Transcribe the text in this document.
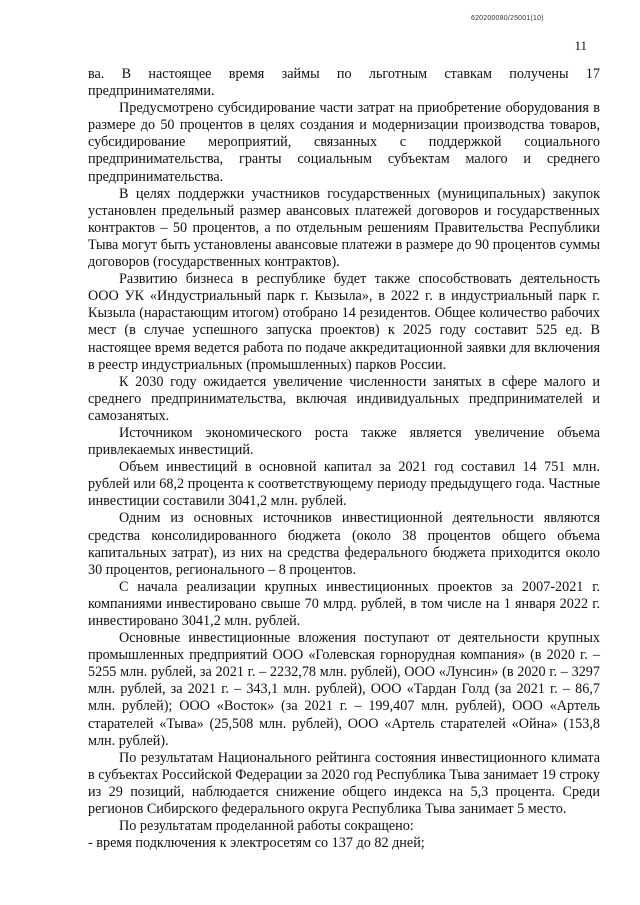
620200080/25001(10)
11

ва. В настоящее время займы по льготным ставкам получены 17 предпринимателями.

Предусмотрено субсидирование части затрат на приобретение оборудования в размере до 50 процентов в целях создания и модернизации производства товаров, субсидирование мероприятий, связанных с поддержкой социального предпринимательства, гранты социальным субъектам малого и среднего предпринимательства.

В целях поддержки участников государственных (муниципальных) закупок установлен предельный размер авансовых платежей договоров и государственных контрактов – 50 процентов, а по отдельным решениям Правительства Республики Тыва могут быть установлены авансовые платежи в размере до 90 процентов суммы договоров (государственных контрактов).

Развитию бизнеса в республике будет также способствовать деятельность ООО УК «Индустриальный парк г. Кызыла», в 2022 г. в индустриальный парк г. Кызыла (нарастающим итогом) отобрано 14 резидентов. Общее количество рабочих мест (в случае успешного запуска проектов) к 2025 году составит 525 ед. В настоящее время ведется работа по подаче аккредитационной заявки для включения в реестр индустриальных (промышленных) парков России.

К 2030 году ожидается увеличение численности занятых в сфере малого и среднего предпринимательства, включая индивидуальных предпринимателей и самозанятых.

Источником экономического роста также является увеличение объема привлекаемых инвестиций.

Объем инвестиций в основной капитал за 2021 год составил 14 751 млн. рублей или 68,2 процента к соответствующему периоду предыдущего года. Частные инвестиции составили 3041,2 млн. рублей.

Одним из основных источников инвестиционной деятельности являются средства консолидированного бюджета (около 38 процентов общего объема капитальных затрат), из них на средства федерального бюджета приходится около 30 процентов, регионального – 8 процентов.

С начала реализации крупных инвестиционных проектов за 2007-2021 г. компаниями инвестировано свыше 70 млрд. рублей, в том числе на 1 января 2022 г. инвестировано 3041,2 млн. рублей.

Основные инвестиционные вложения поступают от деятельности крупных промышленных предприятий ООО «Голевская горнорудная компания» (в 2020 г. – 5255 млн. рублей, за 2021 г. – 2232,78 млн. рублей), ООО «Лунсин» (в 2020 г. – 3297 млн. рублей, за 2021 г. – 343,1 млн. рублей), ООО «Тардан Голд (за 2021 г. – 86,7 млн. рублей); ООО «Восток» (за 2021 г. – 199,407 млн. рублей), ООО «Артель старателей «Тыва» (25,508 млн. рублей), ООО «Артель старателей «Ойна» (153,8 млн. рублей).

По результатам Национального рейтинга состояния инвестиционного климата в субъектах Российской Федерации за 2020 год Республика Тыва занимает 19 строку из 29 позиций, наблюдается снижение общего индекса на 5,3 процента. Среди регионов Сибирского федерального округа Республика Тыва занимает 5 место.

По результатам проделанной работы сокращено:

- время подключения к электросетям со 137 до 82 дней;
